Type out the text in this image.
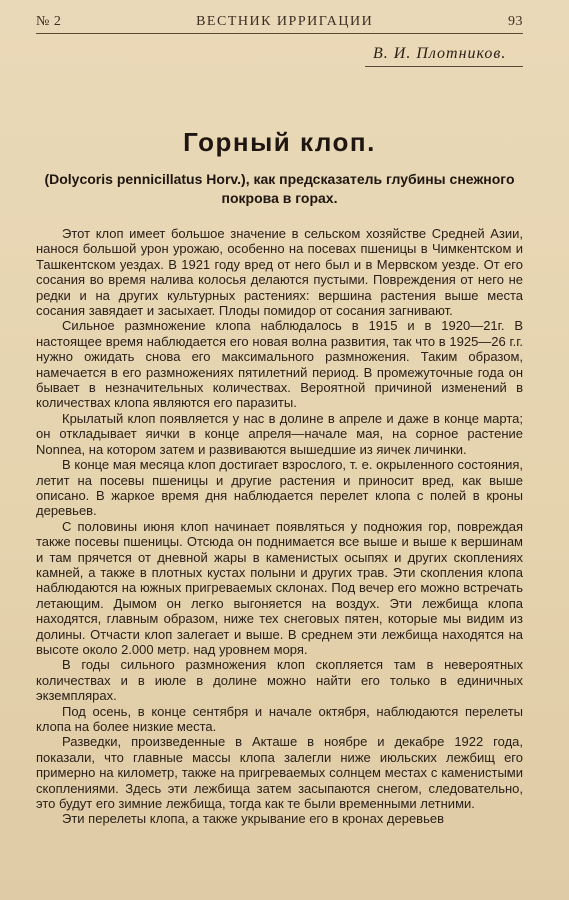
№ 2	ВЕСТНИК ИРРИГАЦИИ	93
В. И. Плотников.
Горный клоп.
(Dolycoris pennicillatus Horv.), как предсказатель глубины снежного покрова в горах.

Этот клоп имеет большое значение в сельском хозяйстве Средней Азии, нанося большой урон урожаю, особенно на посевах пшеницы в Чимкентском и Ташкентском уездах. В 1921 году вред от него был и в Мервском уезде. От его сосания во время налива колосья делаются пустыми. Повреждения от него не редки и на других культурных растениях: вершина растения выше места сосания завядает и засыхает. Плоды помидор от сосания загнивают.

Сильное размножение клопа наблюдалось в 1915 и в 1920—21г. В настоящее время наблюдается его новая волна развития, так что в 1925—26 г.г. нужно ожидать снова его максимального размножения. Таким образом, намечается в его размножениях пятилетний период. В промежуточные года он бывает в незначительных количествах. Вероятной причиной изменений в количествах клопа являются его паразиты.

Крылатый клоп появляется у нас в долине в апреле и даже в конце марта; он откладывает яички в конце апреля—начале мая, на сорное растение Nonnea, на котором затем и развиваются вышедшие из яичек личинки.

В конце мая месяца клоп достигает взрослого, т. е. окрыленного состояния, летит на посевы пшеницы и другие растения и приносит вред, как выше описано. В жаркое время дня наблюдается перелет клопа с полей в кроны деревьев.

С половины июня клоп начинает появляться у подножия гор, повреждая также посевы пшеницы. Отсюда он поднимается все выше и выше к вершинам и там прячется от дневной жары в каменистых осыпях и других скоплениях камней, а также в плотных кустах полыни и других трав. Эти скопления клопа наблюдаются на южных пригреваемых склонах. Под вечер его можно встречать летающим. Дымом он легко выгоняется на воздух. Эти лежбища клопа находятся, главным образом, ниже тех снеговых пятен, которые мы видим из долины. Отчасти клоп залегает и выше. В среднем эти лежбища находятся на высоте около 2.000 метр. над уровнем моря.

В годы сильного размножения клоп скопляется там в невероятных количествах и в июле в долине можно найти его только в единичных экземплярах.

Под осень, в конце сентября и начале октября, наблюдаются перелеты клопа на более низкие места.

Разведки, произведенные в Акташе в ноябре и декабре 1922 года, показали, что главные массы клопа залегли ниже июльских лежбищ его примерно на километр, также на пригреваемых солнцем местах с каменистыми скоплениями. Здесь эти лежбища затем засыпаются снегом, следовательно, это будут его зимние лежбища, тогда как те были временными летними.

Эти перелеты клопа, а также укрывание его в кронах деревьев
